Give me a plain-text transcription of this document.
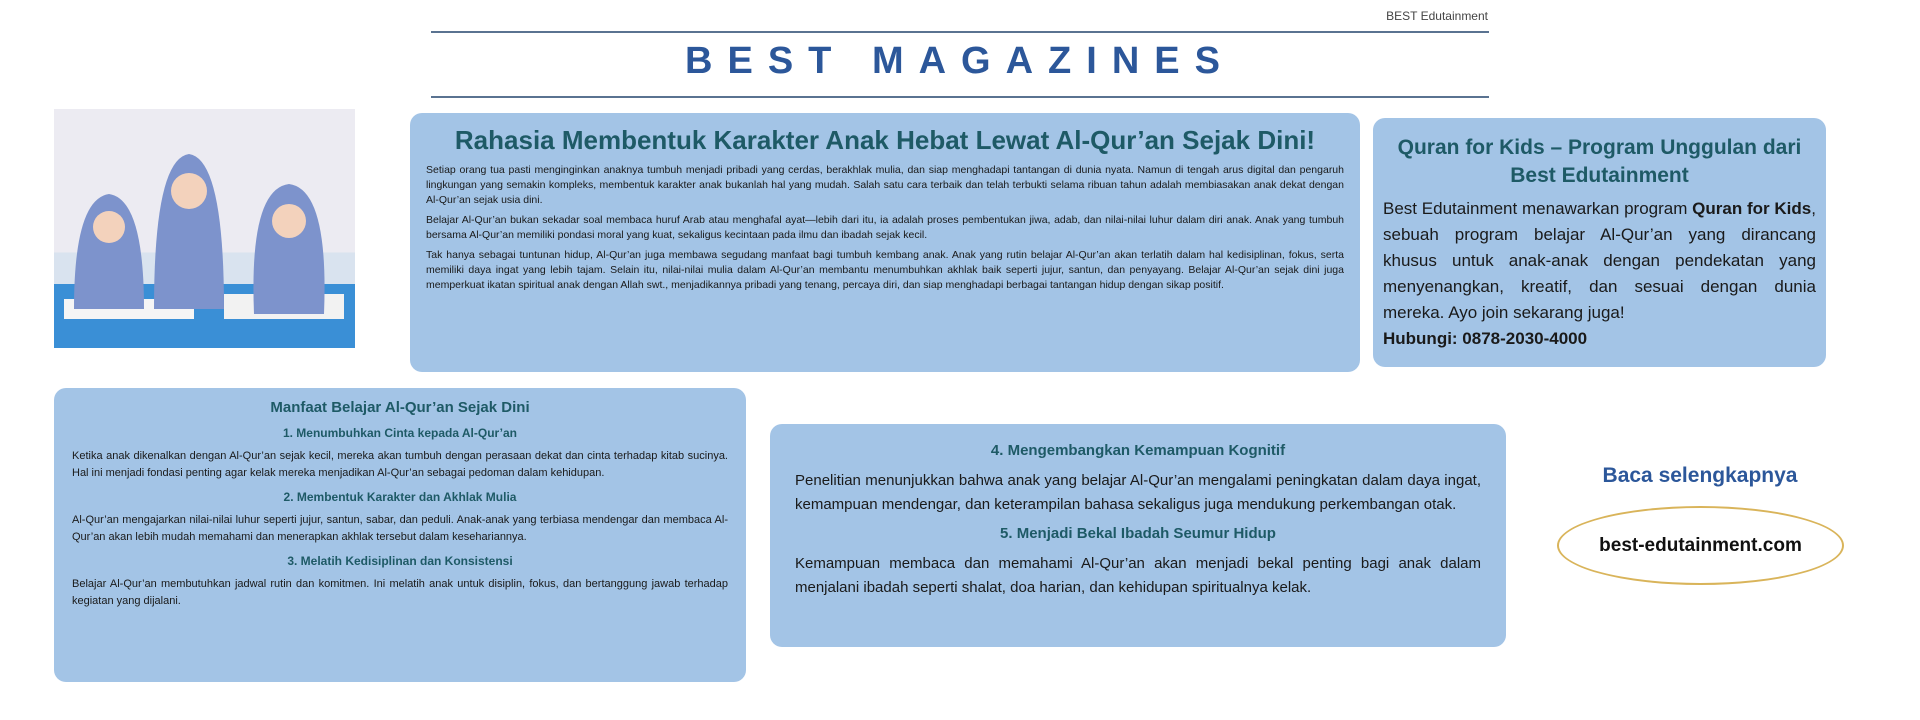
BEST Edutainment
BEST MAGAZINES
Rahasia Membentuk Karakter Anak Hebat Lewat Al-Qur’an Sejak Dini!

Setiap orang tua pasti menginginkan anaknya tumbuh menjadi pribadi yang cerdas, berakhlak mulia, dan siap menghadapi tantangan di dunia nyata. Namun di tengah arus digital dan pengaruh lingkungan yang semakin kompleks, membentuk karakter anak bukanlah hal yang mudah. Salah satu cara terbaik dan telah terbukti selama ribuan tahun adalah membiasakan anak dekat dengan Al-Qur’an sejak usia dini.

Belajar Al-Qur’an bukan sekadar soal membaca huruf Arab atau menghafal ayat—lebih dari itu, ia adalah proses pembentukan jiwa, adab, dan nilai-nilai luhur dalam diri anak. Anak yang tumbuh bersama Al-Qur’an memiliki pondasi moral yang kuat, sekaligus kecintaan pada ilmu dan ibadah sejak kecil.

Tak hanya sebagai tuntunan hidup, Al-Qur’an juga membawa segudang manfaat bagi tumbuh kembang anak. Anak yang rutin belajar Al-Qur’an akan terlatih dalam hal kedisiplinan, fokus, serta memiliki daya ingat yang lebih tajam. Selain itu, nilai-nilai mulia dalam Al-Qur’an membantu menumbuhkan akhlak baik seperti jujur, santun, dan penyayang. Belajar Al-Qur’an sejak dini juga memperkuat ikatan spiritual anak dengan Allah swt., menjadikannya pribadi yang tenang, percaya diri, dan siap menghadapi berbagai tantangan hidup dengan sikap positif.

Quran for Kids – Program Unggulan dari Best Edutainment

Best Edutainment menawarkan program Quran for Kids, sebuah program belajar Al-Qur’an yang dirancang khusus untuk anak-anak dengan pendekatan yang menyenangkan, kreatif, dan sesuai dengan dunia mereka. Ayo join sekarang juga!
Hubungi: 0878-2030-4000

Manfaat Belajar Al-Qur’an Sejak Dini
1. Menumbuhkan Cinta kepada Al-Qur’an

Ketika anak dikenalkan dengan Al-Qur’an sejak kecil, mereka akan tumbuh dengan perasaan dekat dan cinta terhadap kitab sucinya. Hal ini menjadi fondasi penting agar kelak mereka menjadikan Al-Qur’an sebagai pedoman dalam kehidupan.

2. Membentuk Karakter dan Akhlak Mulia

Al-Qur’an mengajarkan nilai-nilai luhur seperti jujur, santun, sabar, dan peduli. Anak-anak yang terbiasa mendengar dan membaca Al-Qur’an akan lebih mudah memahami dan menerapkan akhlak tersebut dalam kesehariannya.

3. Melatih Kedisiplinan dan Konsistensi

Belajar Al-Qur’an membutuhkan jadwal rutin dan komitmen. Ini melatih anak untuk disiplin, fokus, dan bertanggung jawab terhadap kegiatan yang dijalani.

4. Mengembangkan Kemampuan Kognitif

Penelitian menunjukkan bahwa anak yang belajar Al-Qur’an mengalami peningkatan dalam daya ingat, kemampuan mendengar, dan keterampilan bahasa sekaligus juga mendukung perkembangan otak.

5. Menjadi Bekal Ibadah Seumur Hidup

Kemampuan membaca dan memahami Al-Qur’an akan menjadi bekal penting bagi anak dalam menjalani ibadah seperti shalat, doa harian, dan kehidupan spiritualnya kelak.

Baca selengkapnya
best-edutainment.com
